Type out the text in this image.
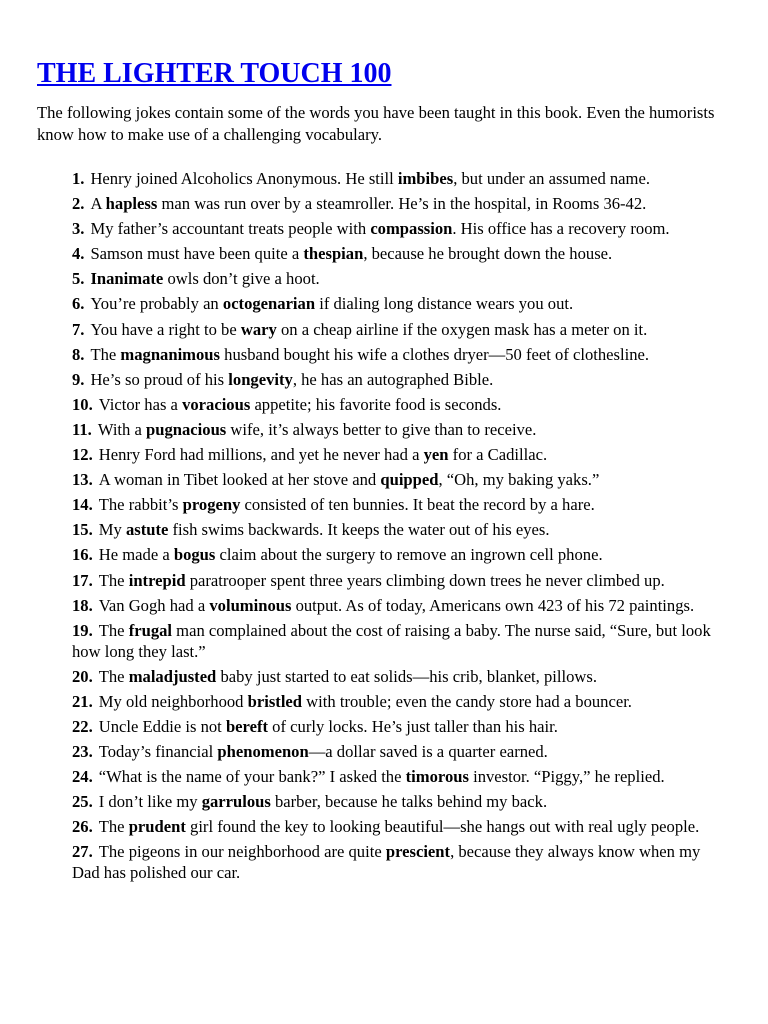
THE LIGHTER TOUCH 100

The following jokes contain some of the words you have been taught in this book. Even the humorists know how to make use of a challenging vocabulary.

1. Henry joined Alcoholics Anonymous. He still imbibes, but under an assumed name.
2. A hapless man was run over by a steamroller. He’s in the hospital, in Rooms 36-42.
3. My father’s accountant treats people with compassion. His office has a recovery room.
4. Samson must have been quite a thespian, because he brought down the house.
5. Inanimate owls don’t give a hoot.
6. You’re probably an octogenarian if dialing long distance wears you out.
7. You have a right to be wary on a cheap airline if the oxygen mask has a meter on it.
8. The magnanimous husband bought his wife a clothes dryer—50 feet of clothesline.
9. He’s so proud of his longevity, he has an autographed Bible.
10. Victor has a voracious appetite; his favorite food is seconds.
11. With a pugnacious wife, it’s always better to give than to receive.
12. Henry Ford had millions, and yet he never had a yen for a Cadillac.
13. A woman in Tibet looked at her stove and quipped, “Oh, my baking yaks.”
14. The rabbit’s progeny consisted of ten bunnies. It beat the record by a hare.
15. My astute fish swims backwards. It keeps the water out of his eyes.
16. He made a bogus claim about the surgery to remove an ingrown cell phone.
17. The intrepid paratrooper spent three years climbing down trees he never climbed up.
18. Van Gogh had a voluminous output. As of today, Americans own 423 of his 72 paintings.
19. The frugal man complained about the cost of raising a baby. The nurse said, “Sure, but look how long they last.”
20. The maladjusted baby just started to eat solids—his crib, blanket, pillows.
21. My old neighborhood bristled with trouble; even the candy store had a bouncer.
22. Uncle Eddie is not bereft of curly locks. He’s just taller than his hair.
23. Today’s financial phenomenon—a dollar saved is a quarter earned.
24. “What is the name of your bank?” I asked the timorous investor. “Piggy,” he replied.
25. I don’t like my garrulous barber, because he talks behind my back.
26. The prudent girl found the key to looking beautiful—she hangs out with real ugly people.
27. The pigeons in our neighborhood are quite prescient, because they always know when my Dad has polished our car.
